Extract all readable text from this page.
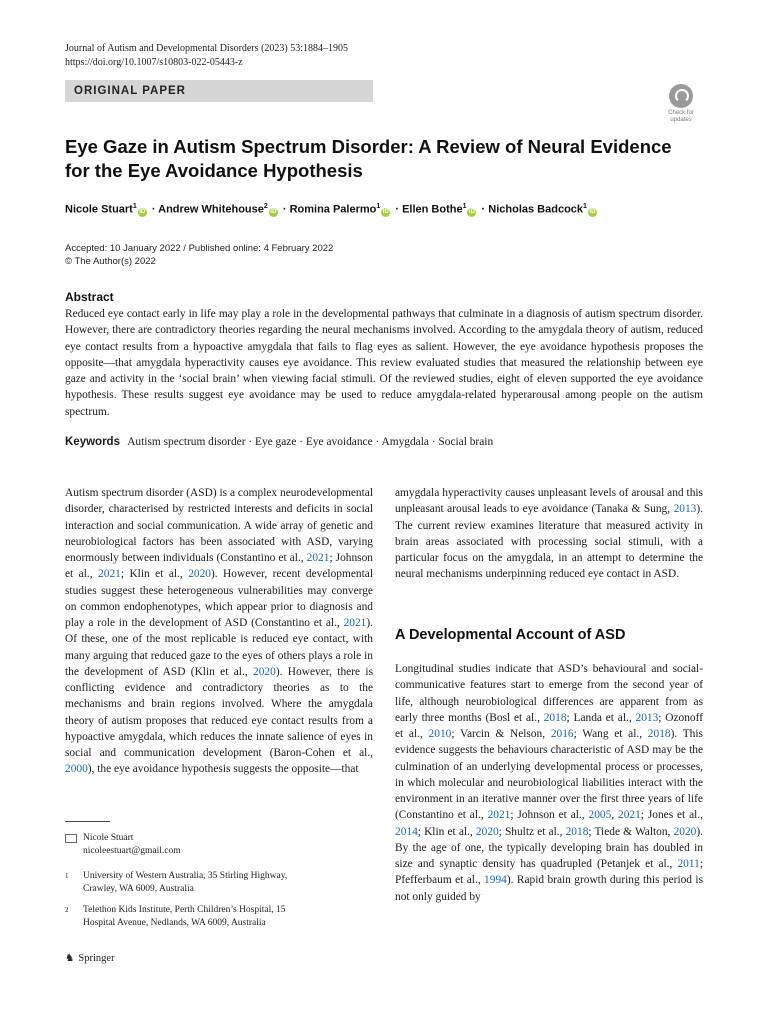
Journal of Autism and Developmental Disorders (2023) 53:1884–1905
https://doi.org/10.1007/s10803-022-05443-z
ORIGINAL PAPER
Check for
updates
Eye Gaze in Autism Spectrum Disorder: A Review of Neural Evidence for the Eye Avoidance Hypothesis
Nicole Stuart$^1$iD · Andrew Whitehouse$^2$iD · Romina Palermo$^1$iD · Ellen Bothe$^1$iD · Nicholas Badcock$^1$iD
Accepted: 10 January 2022 / Published online: 4 February 2022
© The Author(s) 2022
Abstract
Reduced eye contact early in life may play a role in the developmental pathways that culminate in a diagnosis of autism spectrum disorder. However, there are contradictory theories regarding the neural mechanisms involved. According to the amygdala theory of autism, reduced eye contact results from a hypoactive amygdala that fails to flag eyes as salient. However, the eye avoidance hypothesis proposes the opposite—that amygdala hyperactivity causes eye avoidance. This review evaluated studies that measured the relationship between eye gaze and activity in the ‘social brain’ when viewing facial stimuli. Of the reviewed studies, eight of eleven supported the eye avoidance hypothesis. These results suggest eye avoidance may be used to reduce amygdala-related hyperarousal among people on the autism spectrum.
Keywords Autism spectrum disorder · Eye gaze · Eye avoidance · Amygdala · Social brain
Autism spectrum disorder (ASD) is a complex neurodevelopmental disorder, characterised by restricted interests and deficits in social interaction and social communication. A wide array of genetic and neurobiological factors has been associated with ASD, varying enormously between individuals (Constantino et al., 2021; Johnson et al., 2021; Klin et al., 2020). However, recent developmental studies suggest these heterogeneous vulnerabilities may converge on common endophenotypes, which appear prior to diagnosis and play a role in the development of ASD (Constantino et al., 2021). Of these, one of the most replicable is reduced eye contact, with many arguing that reduced gaze to the eyes of others plays a role in the development of ASD (Klin et al., 2020). However, there is conflicting evidence and contradictory theories as to the mechanisms and brain regions involved. Where the amygdala theory of autism proposes that reduced eye contact results from a hypoactive amygdala, which reduces the innate salience of eyes in social and communication development (Baron-Cohen et al., 2000), the eye avoidance hypothesis suggests the opposite—that
amygdala hyperactivity causes unpleasant levels of arousal and this unpleasant arousal leads to eye avoidance (Tanaka & Sung, 2013). The current review examines literature that measured activity in brain areas associated with processing social stimuli, with a particular focus on the amygdala, in an attempt to determine the neural mechanisms underpinning reduced eye contact in ASD.
A Developmental Account of ASD
Longitudinal studies indicate that ASD’s behavioural and social-communicative features start to emerge from the second year of life, although neurobiological differences are apparent from as early three months (Bosl et al., 2018; Landa et al., 2013; Ozonoff et al., 2010; Varcin & Nelson, 2016; Wang et al., 2018). This evidence suggests the behaviours characteristic of ASD may be the culmination of an underlying developmental process or processes, in which molecular and neurobiological liabilities interact with the environment in an iterative manner over the first three years of life (Constantino et al., 2021; Johnson et al., 2005, 2021; Jones et al., 2014; Klin et al., 2020; Shultz et al., 2018; Tiede & Walton, 2020). By the age of one, the typically developing brain has doubled in size and synaptic density has quadrupled (Petanjek et al., 2011; Pfefferbaum et al., 1994). Rapid brain growth during this period is not only guided by
Nicole Stuart
nicoleestuart@gmail.com
1 University of Western Australia, 35 Stirling Highway,
Crawley, WA 6009, Australia
2 Telethon Kids Institute, Perth Children’s Hospital, 15
Hospital Avenue, Nedlands, WA 6009, Australia
♞ Springer
